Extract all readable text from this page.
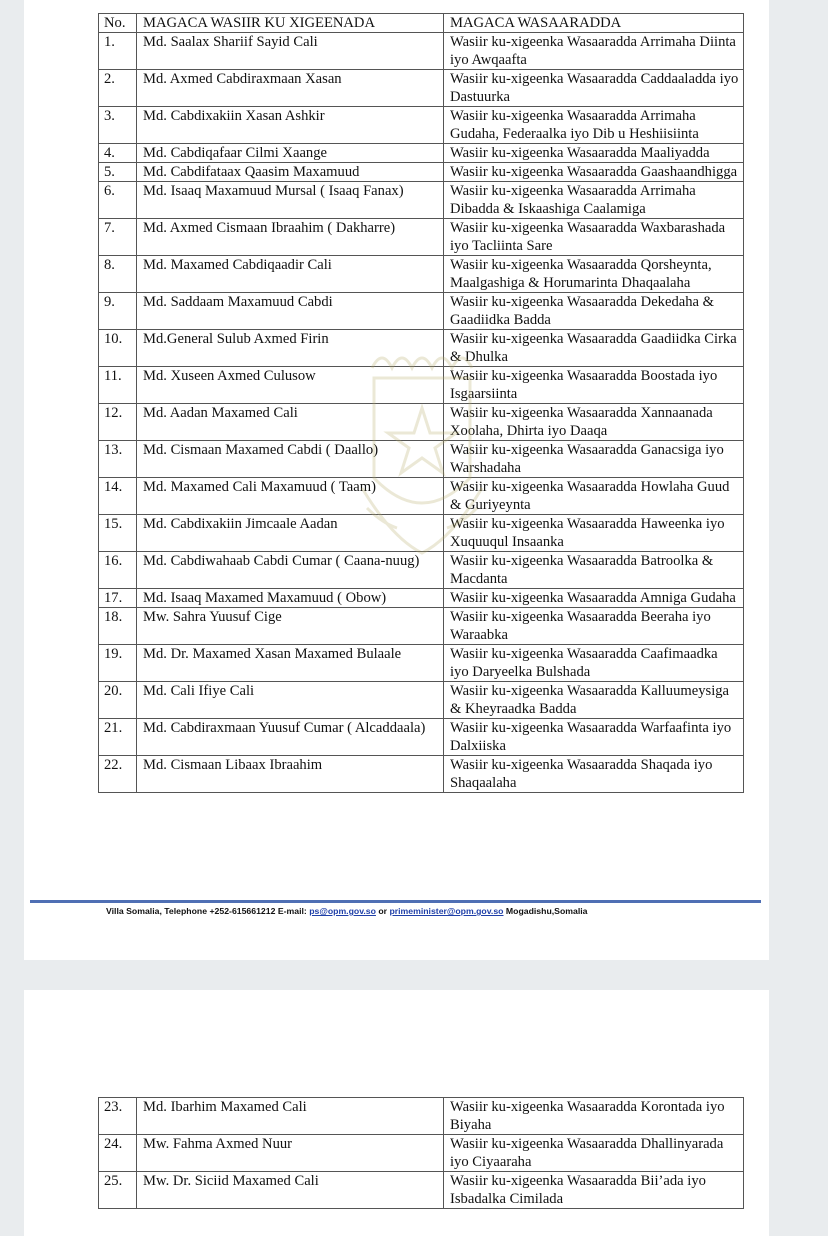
No.	MAGACA WASIIR KU XIGEENADA	MAGACA WASAARADDA
1.	Md. Saalax Shariif Sayid Cali	Wasiir ku-xigeenka Wasaaradda Arrimaha Diinta iyo Awqaafta
2.	Md. Axmed Cabdiraxmaan Xasan	Wasiir ku-xigeenka Wasaaradda Caddaaladda iyo Dastuurka
3.	Md. Cabdixakiin Xasan Ashkir	Wasiir ku-xigeenka Wasaaradda Arrimaha Gudaha, Federaalka iyo Dib u Heshiisiinta
4.	Md. Cabdiqafaar Cilmi Xaange	Wasiir ku-xigeenka Wasaaradda Maaliyadda
5.	Md. Cabdifataax Qaasim Maxamuud	Wasiir ku-xigeenka Wasaaradda Gaashaandhigga
6.	Md. Isaaq Maxamuud Mursal ( Isaaq Fanax)	Wasiir ku-xigeenka Wasaaradda Arrimaha Dibadda & Iskaashiga Caalamiga
7.	Md. Axmed Cismaan Ibraahim ( Dakharre)	Wasiir ku-xigeenka Wasaaradda Waxbarashada iyo Tacliinta Sare
8.	Md. Maxamed Cabdiqaadir Cali	Wasiir ku-xigeenka Wasaaradda Qorsheynta, Maalgashiga & Horumarinta Dhaqaalaha
9.	Md. Saddaam Maxamuud Cabdi	Wasiir ku-xigeenka Wasaaradda Dekedaha & Gaadiidka Badda
10.	Md.General Sulub Axmed Firin	Wasiir ku-xigeenka Wasaaradda Gaadiidka Cirka & Dhulka
11.	Md. Xuseen Axmed Culusow	Wasiir ku-xigeenka Wasaaradda Boostada iyo Isgaarsiinta
12.	Md. Aadan Maxamed Cali	Wasiir ku-xigeenka Wasaaradda Xannaanada Xoolaha, Dhirta iyo Daaqa
13.	Md. Cismaan Maxamed Cabdi ( Daallo)	Wasiir ku-xigeenka Wasaaradda Ganacsiga iyo Warshadaha
14.	Md. Maxamed Cali Maxamuud ( Taam)	Wasiir ku-xigeenka Wasaaradda Howlaha Guud & Guriyeynta
15.	Md. Cabdixakiin Jimcaale Aadan	Wasiir ku-xigeenka Wasaaradda Haweenka iyo Xuquuqul Insaanka
16.	Md. Cabdiwahaab Cabdi Cumar ( Caana-nuug)	Wasiir ku-xigeenka Wasaaradda Batroolka & Macdanta
17.	Md. Isaaq Maxamed Maxamuud ( Obow)	Wasiir ku-xigeenka Wasaaradda Amniga Gudaha
18.	Mw. Sahra Yuusuf Cige	Wasiir ku-xigeenka Wasaaradda Beeraha iyo Waraabka
19.	Md. Dr. Maxamed Xasan Maxamed Bulaale	Wasiir ku-xigeenka Wasaaradda Caafimaadka iyo Daryeelka Bulshada
20.	Md. Cali Ifiye Cali	Wasiir ku-xigeenka Wasaaradda Kalluumeysiga & Kheyraadka Badda
21.	Md. Cabdiraxmaan Yuusuf Cumar ( Alcaddaala)	Wasiir ku-xigeenka Wasaaradda Warfaafinta iyo Dalxiiska
22.	Md. Cismaan Libaax Ibraahim	Wasiir ku-xigeenka Wasaaradda Shaqada iyo Shaqaalaha
Villa Somalia, Telephone +252-615661212 E-mail: ps@opm.gov.so or primeminister@opm.gov.so Mogadishu,Somalia
23.	Md. Ibarhim Maxamed Cali	Wasiir ku-xigeenka Wasaaradda Korontada iyo Biyaha
24.	Mw. Fahma Axmed Nuur	Wasiir ku-xigeenka Wasaaradda Dhallinyarada iyo Ciyaaraha
25.	Mw. Dr. Siciid Maxamed Cali	Wasiir ku-xigeenka Wasaaradda Bii’ada iyo Isbadalka Cimilada
